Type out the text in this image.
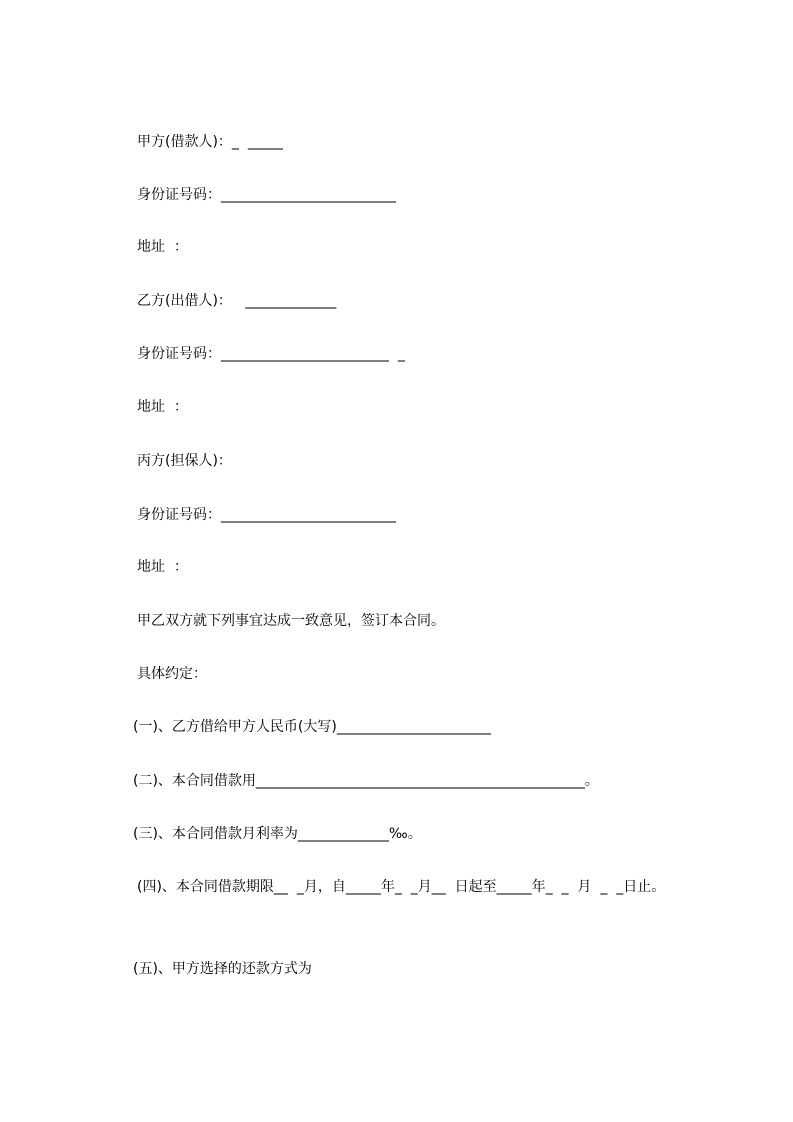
甲方(借款人)：_  _____
身份证号码：_________________________
地址  ：
乙方(出借人)：   _____________
身份证号码：________________________  _
地址  ：
丙方(担保人)：
身份证号码：_________________________
地址  ：
甲乙双方就下列事宜达成一致意见，签订本合同。
具体约定：
(一)、乙方借给甲方人民币(大写)______________________
(二)、本合同借款用_______________________________________________。
(三)、本合同借款月利率为_____________‰。
(四)、本合同借款期限__  _月，自_____年_  _月__  日起至_____年_  _  月  _  _日止。
(五)、甲方选择的还款方式为
